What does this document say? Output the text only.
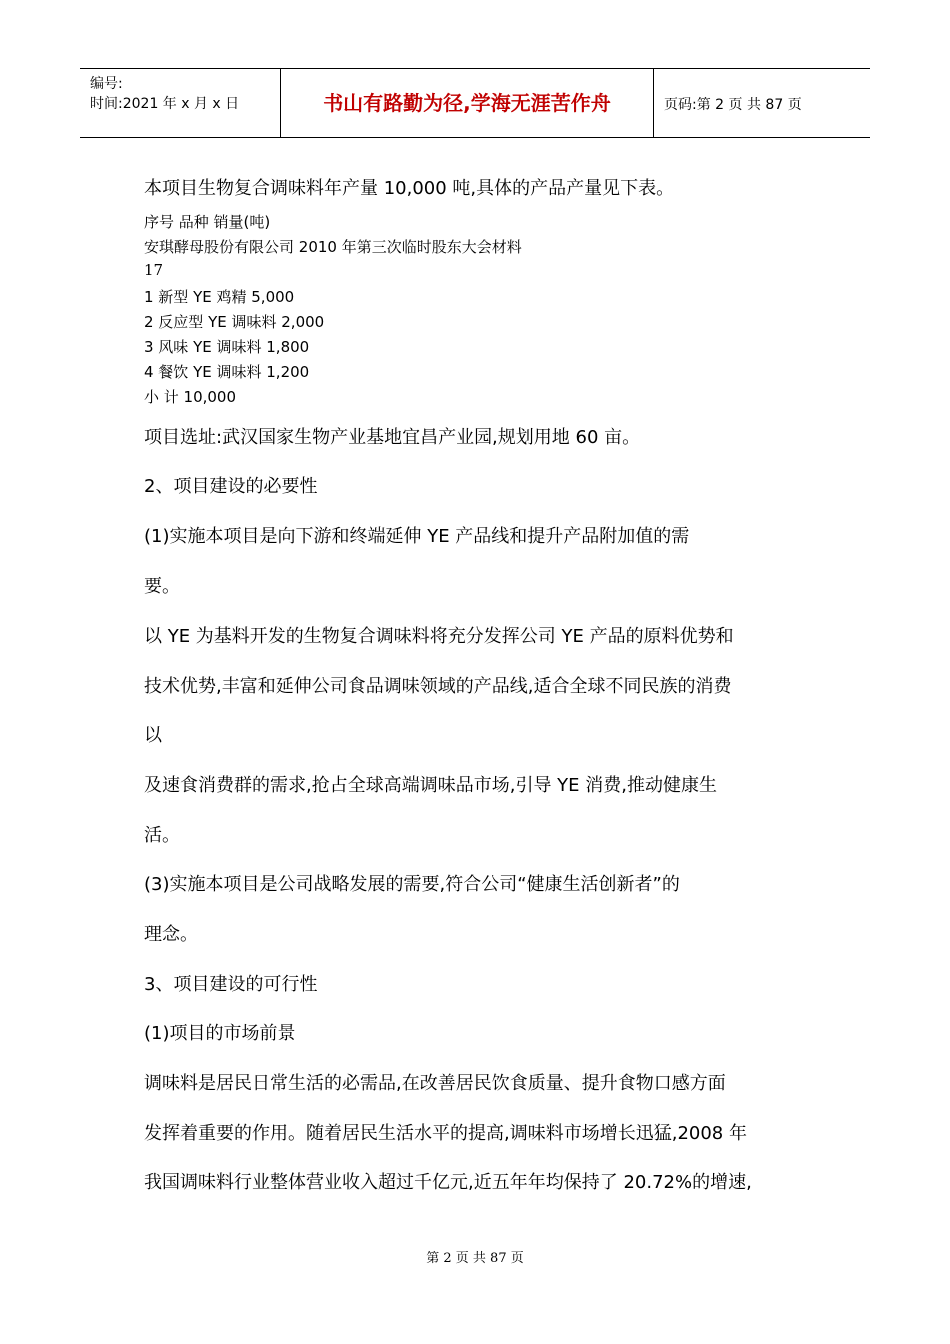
编号:
时间:2021 年 x 月 x 日	书山有路勤为径,学海无涯苦作舟	页码:第 2 页 共 87 页
本项目生物复合调味料年产量 10,000 吨,具体的产品产量见下表。
序号 品种 销量(吨)
安琪酵母股份有限公司 2010 年第三次临时股东大会材料
17
1 新型 YE 鸡精 5,000
2 反应型 YE 调味料 2,000
3 风味 YE 调味料 1,800
4 餐饮 YE 调味料 1,200
小 计 10,000
项目选址:武汉国家生物产业基地宜昌产业园,规划用地 60 亩。
2、项目建设的必要性
(1)实施本项目是向下游和终端延伸 YE 产品线和提升产品附加值的需
要。
以 YE 为基料开发的生物复合调味料将充分发挥公司 YE 产品的原料优势和
技术优势,丰富和延伸公司食品调味领域的产品线,适合全球不同民族的消费
以
及速食消费群的需求,抢占全球高端调味品市场,引导 YE 消费,推动健康生
活。
(3)实施本项目是公司战略发展的需要,符合公司“健康生活创新者”的
理念。
3、项目建设的可行性
(1)项目的市场前景
调味料是居民日常生活的必需品,在改善居民饮食质量、提升食物口感方面
发挥着重要的作用。随着居民生活水平的提高,调味料市场增长迅猛,2008 年
我国调味料行业整体营业收入超过千亿元,近五年年均保持了 20.72%的增速,
第 2 页 共 87 页
